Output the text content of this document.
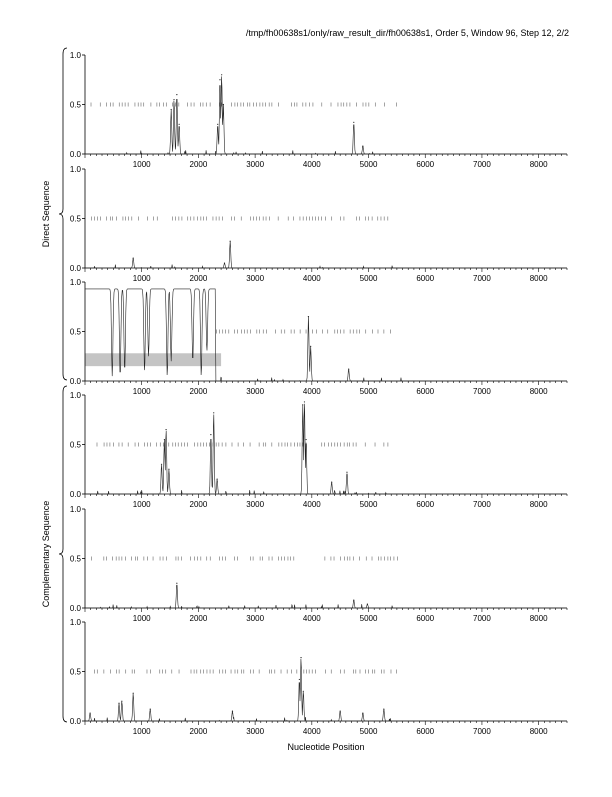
/tmp/fh00638s1/only/raw_result_dir/fh00638s1, Order 5, Window 96, Step 12, 2/2
0.0
0.5
1.0
1000	2000	3000	4000	5000	6000	7000	8000
0.0
0.5
1.0
1000	2000	3000	4000	5000	6000	7000	8000
0.0
0.5
1.0
1000	2000	3000	4000	5000	6000	7000	8000
0.0
0.5
1.0
1000	2000	3000	4000	5000	6000	7000	8000
0.0
0.5
1.0
1000	2000	3000	4000	5000	6000	7000	8000
0.0
0.5
1.0
1000	2000	3000	4000	5000	6000	7000	8000
Direct Sequence
Complementary Sequence
Nucleotide Position
